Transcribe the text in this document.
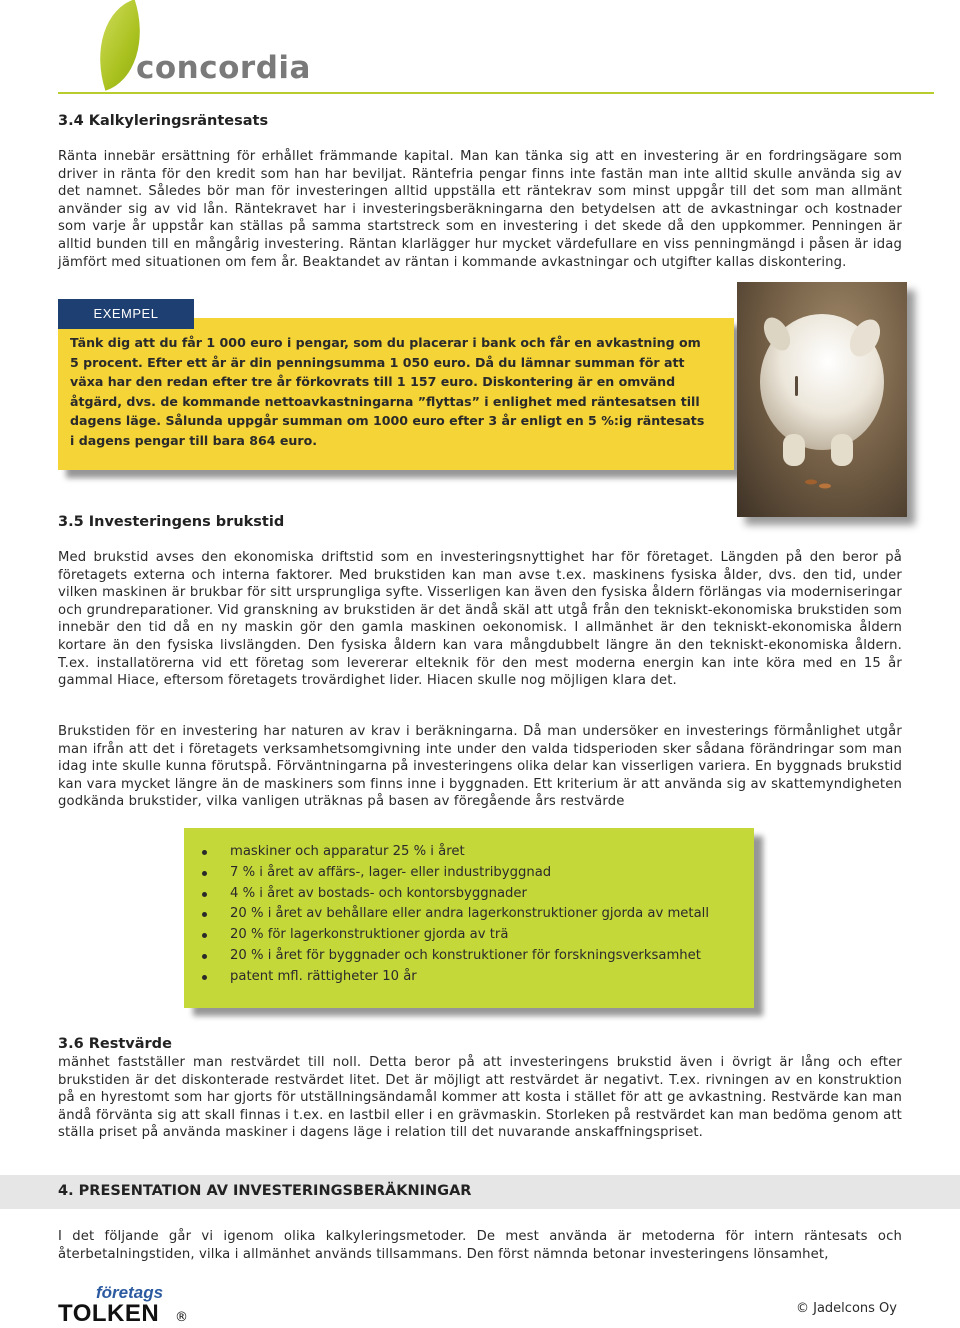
concordia
3.4 Kalkyleringsräntesats

Ränta innebär ersättning för erhållet främmande kapital. Man kan tänka sig att en investering är en fordringsägare som driver in ränta för den kredit som han har beviljat. Räntefria pengar finns inte fastän man inte alltid skulle använda sig av det namnet. Således bör man för investeringen alltid uppställa ett räntekrav som minst uppgår till det som man allmänt använder sig av vid lån. Räntekravet har i investeringsberäkningarna den betydelsen att de avkastningar och kostnader som varje år uppstår kan ställas på samma startstreck som en investering i det skede då den uppkommer. Penningen är alltid bunden till en mångårig investering. Räntan klarlägger hur mycket värdefullare en viss penningmängd i påsen är idag jämfört med situationen om fem år. Beaktandet av räntan i kommande avkastningar och utgifter kallas diskontering.

EXEMPEL

Tänk dig att du får 1 000 euro i pengar, som du placerar i bank och får en avkastning om 5 procent. Efter ett år är din penningsumma 1 050 euro. Då du lämnar summan för att växa har den redan efter tre år förkovrats till 1 157 euro. Diskontering är en omvänd åtgärd, dvs. de kommande nettoavkastningarna ”flyttas” i enlighet med räntesatsen till dagens läge. Sålunda uppgår summan om 1000 euro efter 3 år enligt en 5 %:ig räntesats i dagens pengar till bara 864 euro.

3.5 Investeringens brukstid

Med brukstid avses den ekonomiska driftstid som en investeringsnyttighet har för företaget. Längden på den beror på företagets externa och interna faktorer. Med brukstiden kan man avse t.ex. maskinens fysiska ålder, dvs. den tid, under vilken maskinen är brukbar för sitt ursprungliga syfte. Visserligen kan även den fysiska åldern förlängas via moderniseringar och grundreparationer. Vid granskning av brukstiden är det ändå skäl att utgå från den tekniskt-ekonomiska brukstiden som innebär den tid då en ny maskin gör den gamla maskinen oekonomisk. I allmänhet är den tekniskt-ekonomiska åldern kortare än den fysiska livslängden. Den fysiska åldern kan vara mångdubbelt längre än den tekniskt-ekonomiska åldern. T.ex. installatörerna vid ett företag som levererar elteknik för den mest moderna energin kan inte köra med en 15 år gammal Hiace, eftersom företagets trovärdighet lider. Hiacen skulle nog möjligen klara det.

Brukstiden för en investering har naturen av krav i beräkningarna. Då man undersöker en investerings förmånlighet utgår man ifrån att det i företagets verksamhetsomgivning inte under den valda tidsperioden sker sådana förändringar som man idag inte skulle kunna förutspå. Förväntningarna på investeringens olika delar kan visserligen variera. En byggnads brukstid kan vara mycket längre än de maskiners som finns inne i byggnaden. Ett kriterium är att använda sig av skattemyndigheten godkända brukstider, vilka vanligen uträknas på basen av föregående års restvärde

maskiner och apparatur 25 % i året
7 % i året av affärs-, lager- eller industribyggnad
4 % i året av bostads- och kontorsbyggnader
20 % i året av behållare eller andra lagerkonstruktioner gjorda av metall
20 % för lagerkonstruktioner gjorda av trä
20 % i året för byggnader och konstruktioner för forskningsverksamhet
patent mfl. rättigheter 10 år
3.6 Restvärde

mänhet fastställer man restvärdet till noll. Detta beror på att investeringens brukstid även i övrigt är lång och efter brukstiden är det diskonterade restvärdet litet. Det är möjligt att restvärdet är negativt. T.ex. rivningen av en konstruktion på en hyrestomt som har gjorts för utställningsändamål kommer att kosta i stället för att ge avkastning. Restvärde kan man ändå förvänta sig att skall finnas i t.ex. en lastbil eller i en grävmaskin. Storleken på restvärdet kan man bedöma genom att ställa priset på använda maskiner i dagens läge i relation till det nuvarande anskaffningspriset.

4. PRESENTATION AV INVESTERINGSBERÄKNINGAR

I det följande går vi igenom olika kalkyleringsmetoder. De mest använda är metoderna för intern räntesats och återbetalningstiden, vilka i allmänhet används tillsammans. Den först nämnda betonar investeringens lönsamhet,

företags
TOLKEN ®
© Jadelcons Oy
